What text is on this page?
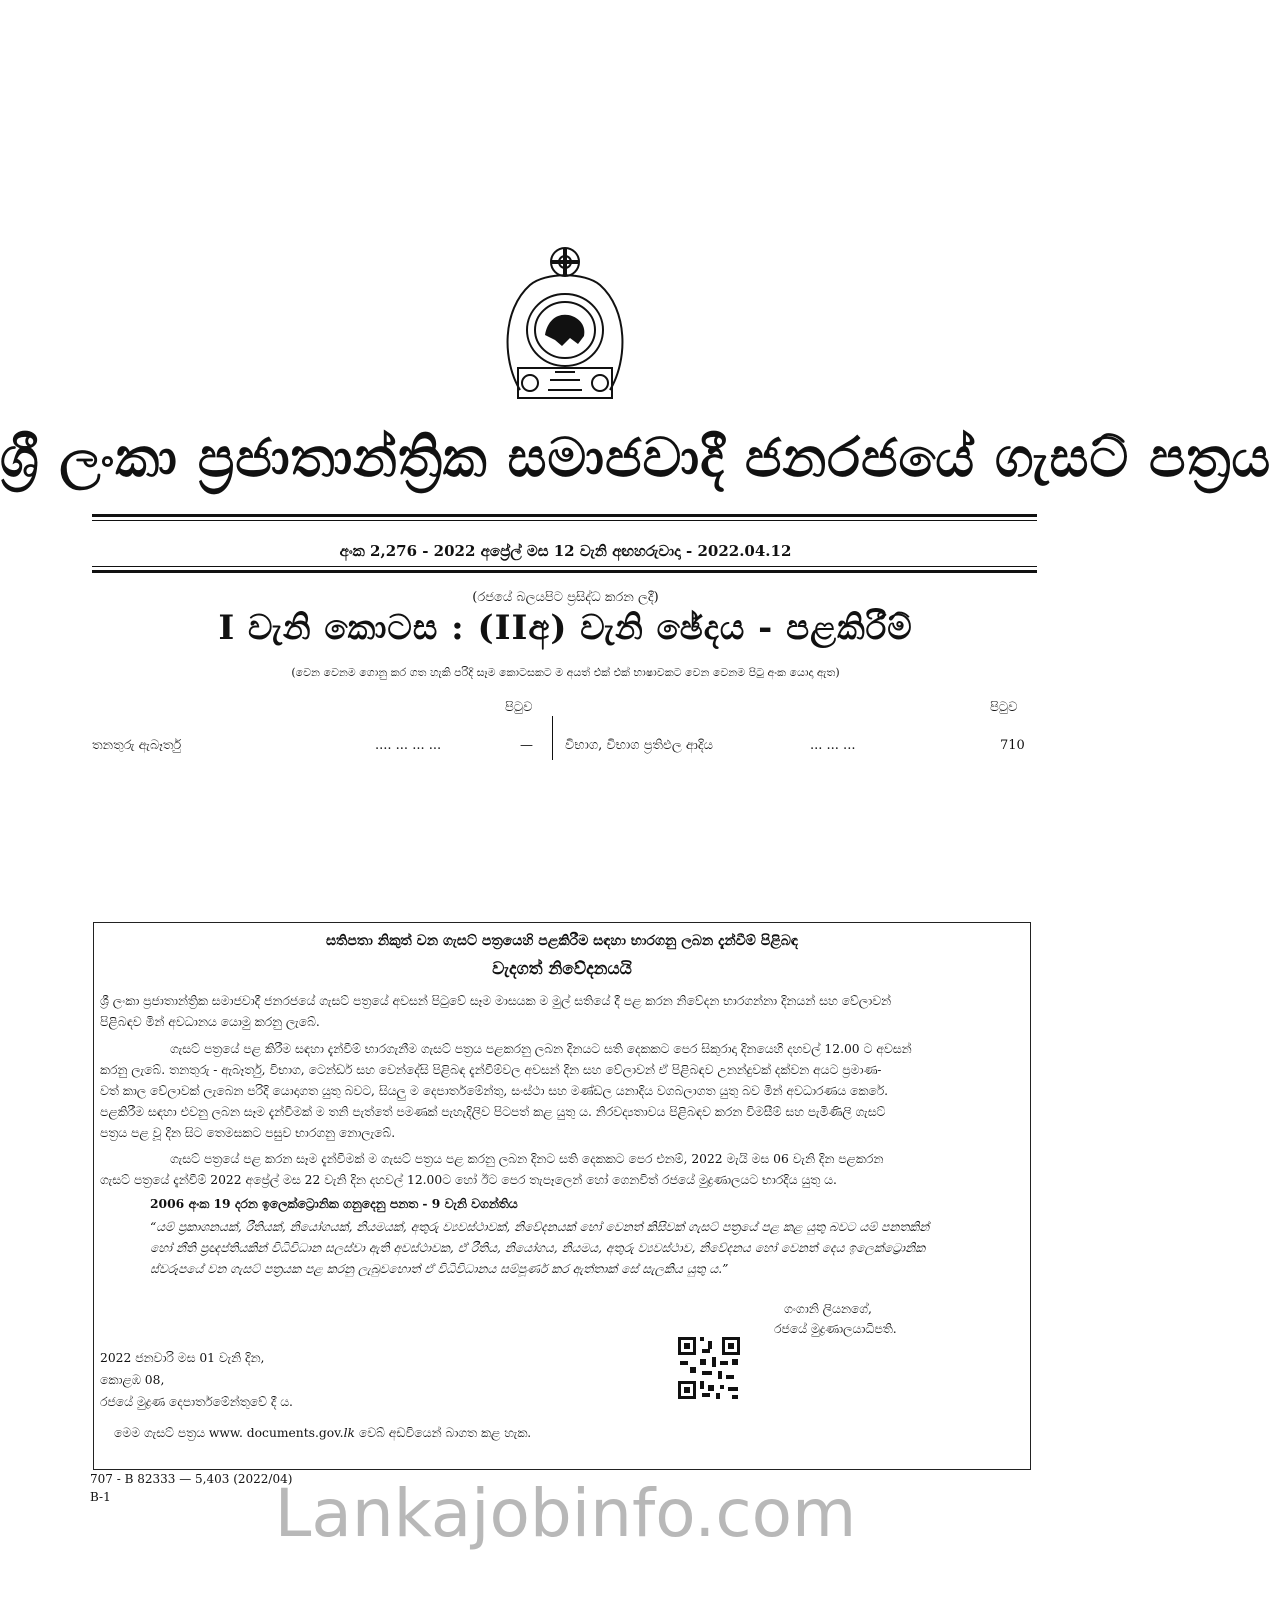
ශ්‍රී ලංකා ප්‍රජාතාන්ත්‍රික සමාජවාදී ජනරජයේ ගැසට් පත්‍රය
අංක 2,276 - 2022 අප්‍රේල් මස 12 වැනි අඟහරුවාදා - 2022.04.12
(රජයේ බලයපිට ප්‍රසිද්ධ කරන ලදී)
I වැනි කොටස : (IIඅ) වැනි ඡේදය - පළකිරීම්
(වෙන වෙනම ගොනු කර ගත හැකි පරිදි සෑම කොටසකට ම අයත් එක් එක් භාෂාවකට වෙන වෙනම පිටු අංක යොදා ඇත)
පිටුව	පිටුව
තනතුරු ඇබෑර්තු	.... ... ... ...	— විභාග, විභාග ප්‍රතිඵල ආදිය	... ... ...	710
සතිපතා නිකුත් වන ගැසට් පත්‍රයෙහි පළකිරීම සඳහා භාරගනු ලබන දැන්වීම් පිළිබඳ
වැදගත් නිවේදනයයි
ශ්‍රී ලංකා ප්‍රජාතාන්ත්‍රික සමාජවාදී ජනරජයේ ගැසට් පත්‍රයේ අවසන් පිටුවේ සෑම මාසයක ම මුල් සතියේ දී පළ කරන නිවේදන භාරගන්නා දිනයන් සහ වේලාවන්
පිළිබඳව මින් අවධානය යොමු කරනු ලැබේ.
ගැසට් පත්‍රයේ පළ කිරීම සඳහා දැන්වීම් භාරගැනීම ගැසට් පත්‍රය පළකරනු ලබන දිනයට සති දෙකකට පෙර සිකුරාදා දිනයෙහි දහවල් 12.00 ට අවසන්
කරනු ලැබේ. තනතුරු - ඇබෑර්තු, විභාග, ටෙන්ඩර් සහ වෙන්දේසි පිළිබඳ දැන්වීම්වල අවසන් දින සහ වේලාවන් ඒ පිළිබඳව උනන්දුවක් දක්වන අයට ප්‍රමාණ-
වත් කාල වේලාවක් ලැබෙන පරිදි යොදාගත යුතු බවට, සියලු ම දෙපාර්තමේන්තු, සංස්ථා සහ මණ්ඩල යනාදිය වගබලාගත යුතු බව මින් අවධාරණය කෙරේ.
පළකිරීම සඳහා එවනු ලබන සෑම දැන්වීමක් ම තනි පැත්තේ පමණක් පැහැදිලිව පිටපත් කළ යුතු ය. නිරවද්‍යතාවය පිළිබඳව කරන විමසීම් සහ පැමිණිලි ගැසට්
පත්‍රය පළ වූ දින සිට තෙමසකට පසුව භාරගනු නොලැබේ.
ගැසට් පත්‍රයේ පළ කරන සෑම දැන්වීමක් ම ගැසට් පත්‍රය පළ කරනු ලබන දිනට සති දෙකකට පෙර එනම්, 2022 මැයි මස 06 වැනි දින පළකරන
ගැසට් පත්‍රයේ දැන්වීම් 2022 අප්‍රේල් මස 22 වැනි දින දහවල් 12.00ට හෝ ඊට පෙර තැපෑලෙන් හෝ ගෙනවිත් රජයේ මුද්‍රණාලයට භාරදිය යුතු ය.
2006 අංක 19 දරන ඉලෙක්ට්‍රොනික ගනුදෙනු පනත - 9 වැනි වගන්තිය
“යම් ප්‍රකාශනයක්, රීතියක්, නියෝගයක්, නියමයක්, අතුරු ව්‍යවස්ථාවක්, නිවේදනයක් හෝ වෙනත් කිසිවක් ගැසට් පත්‍රයේ පළ කළ යුතු බවට යම් පනතකින්
හෝ නීති ප්‍රඥප්තියකින් විධිවිධාන සලස්වා ඇති අවස්ථාවක, ඒ රීතිය, නියෝගය, නියමය, අතුරු ව්‍යවස්ථාව, නිවේදනය හෝ වෙනත් දෙය ඉලෙක්ට්‍රොනික
ස්වරූපයේ වන ගැසට් පත්‍රයක පළ කරනු ලැබුවහොත් ඒ විධිවිධානය සම්පූර්ණ කර ඇත්තාක් සේ සැලකිය යුතු ය.”
ගංගානි ලියනගේ,
රජයේ මුද්‍රණාලයාධිපති.
2022 ජනවාරි මස 01 වැනි දින,
කොළඹ 08,
රජයේ මුද්‍රණ දෙපාර්තමේන්තුවේ දී ය.
මෙම ගැසට් පත්‍රය www. documents.gov.lk වෙබ් අඩවියෙන් බාගත කළ හැක.
707 - B 82333 — 5,403 (2022/04)
B-1	Lankajobinfo.com
